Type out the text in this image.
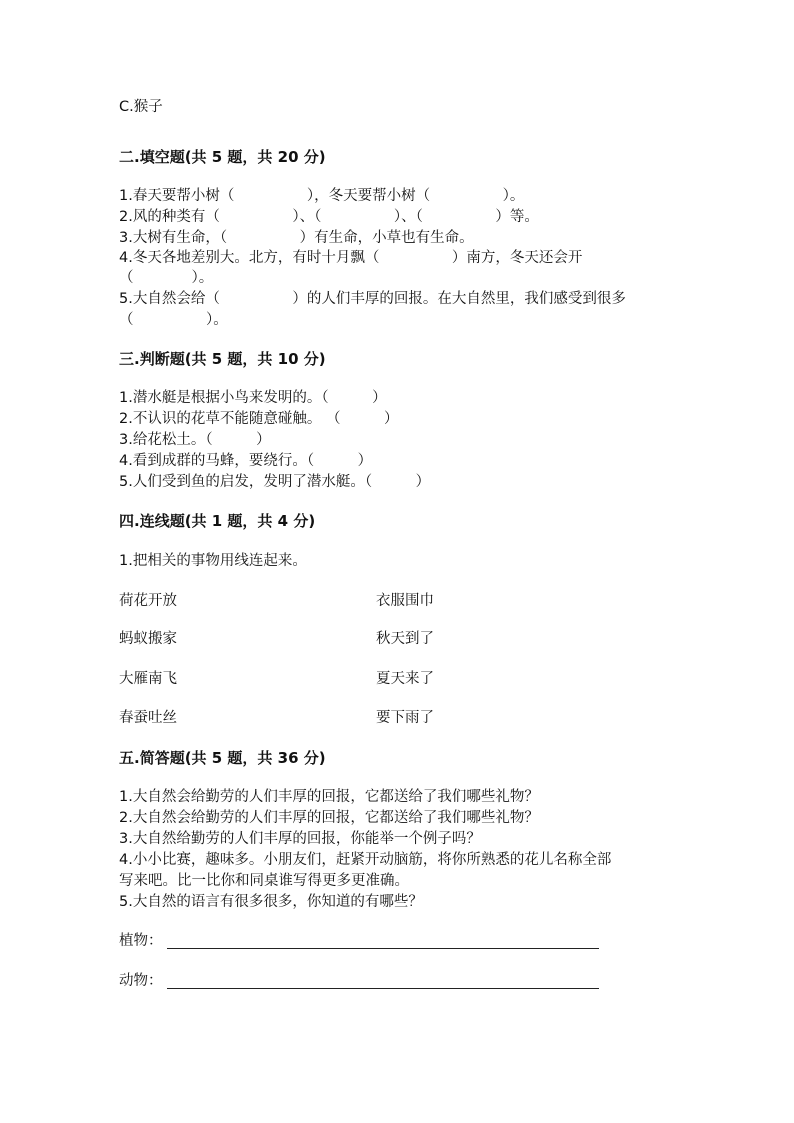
C.猴子
二.填空题(共 5 题，共 20 分)
1.春天要帮小树（　　　　　），冬天要帮小树（　　　　　）。
2.风的种类有（　　　　　）、（　　　　　）、（　　　　　）等。
3.大树有生命，（　　　　　）有生命，小草也有生命。
4.冬天各地差别大。北方，有时十月飘（　　　　　）南方，冬天还会开
（　　　　）。
5.大自然会给（　　　　　）的人们丰厚的回报。在大自然里，我们感受到很多
（　　　　　）。
三.判断题(共 5 题，共 10 分)
1.潜水艇是根据小鸟来发明的。（　　　）
2.不认识的花草不能随意碰触。 （　　　）
3.给花松土。（　　　）
4.看到成群的马蜂，要绕行。（　　　）
5.人们受到鱼的启发，发明了潜水艇。（　　　）
四.连线题(共 1 题，共 4 分)
1.把相关的事物用线连起来。
荷花开放	衣服围巾
蚂蚁搬家	秋天到了
大雁南飞	夏天来了
春蚕吐丝	要下雨了
五.简答题(共 5 题，共 36 分)
1.大自然会给勤劳的人们丰厚的回报，它都送给了我们哪些礼物？
2.大自然会给勤劳的人们丰厚的回报，它都送给了我们哪些礼物？
3.大自然给勤劳的人们丰厚的回报，你能举一个例子吗？
4.小小比赛，趣味多。小朋友们，赶紧开动脑筋，将你所熟悉的花儿名称全部
写来吧。比一比你和同桌谁写得更多更准确。
5.大自然的语言有很多很多，你知道的有哪些？
植物：
动物：
